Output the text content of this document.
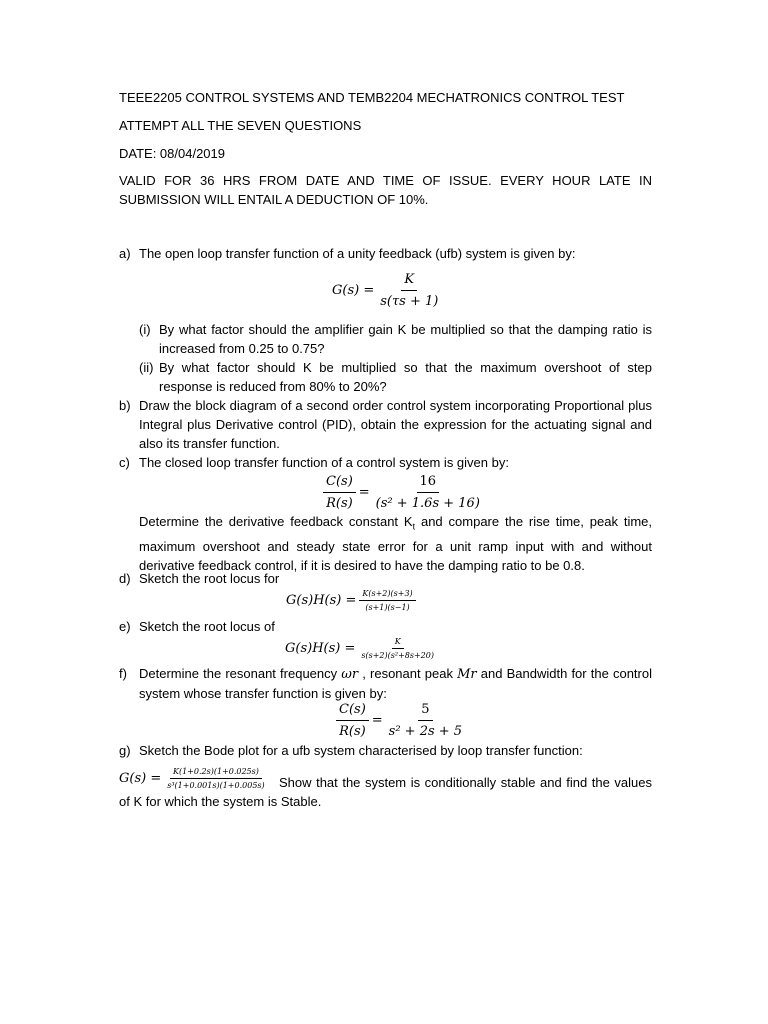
TEEE2205 CONTROL SYSTEMS AND TEMB2204 MECHATRONICS CONTROL TEST
ATTEMPT ALL THE SEVEN QUESTIONS
DATE: 08/04/2019
VALID FOR 36 HRS FROM DATE AND TIME OF ISSUE. EVERY HOUR LATE IN SUBMISSION WILL ENTAIL A DEDUCTION OF 10%.
a) The open loop transfer function of a unity feedback (ufb) system is given by:
$G(s) = \frac{K}{s(\tau s + 1)}$
(i) By what factor should the amplifier gain K be multiplied so that the damping ratio is increased from 0.25 to 0.75?
(ii) By what factor should K be multiplied so that the maximum overshoot of step response is reduced from 80% to 20%?
b) Draw the block diagram of a second order control system incorporating Proportional plus Integral plus Derivative control (PID), obtain the expression for the actuating signal and also its transfer function.
c) The closed loop transfer function of a control system is given by:
$\frac{C(s)}{R(s)} = \frac{16}{\text{(s² + 1.6s + 16)}}$
Determine the derivative feedback constant $K_t$ and compare the rise time, peak time, maximum overshoot and steady state error for a unit ramp input with and without derivative feedback control, if it is desired to have the damping ratio to be 0.8.
d) Sketch the root locus for
$G(s)H(s) = \frac{K(s+2)(s+3)}{(s+1)(s-1)}$
e) Sketch the root locus of
$G(s)H(s) = \frac{K}{\text{s(s+2)(s²+8s+20)}}$
f) Determine the resonant frequency ωr , resonant peak Mr and Bandwidth for the control system whose transfer function is given by:
$\frac{C(s)}{R(s)} = \frac{5}{\text{s² + 2s + 5}}$
g) Sketch the Bode plot for a ufb system characterised by loop transfer function:
$G(s) = \frac{K(1+0.2s)(1+0.025s)}{\text{s³(1+0.001s)(1+0.005s)}}$ Show that the system is conditionally stable and find the values of K for which the system is Stable.
